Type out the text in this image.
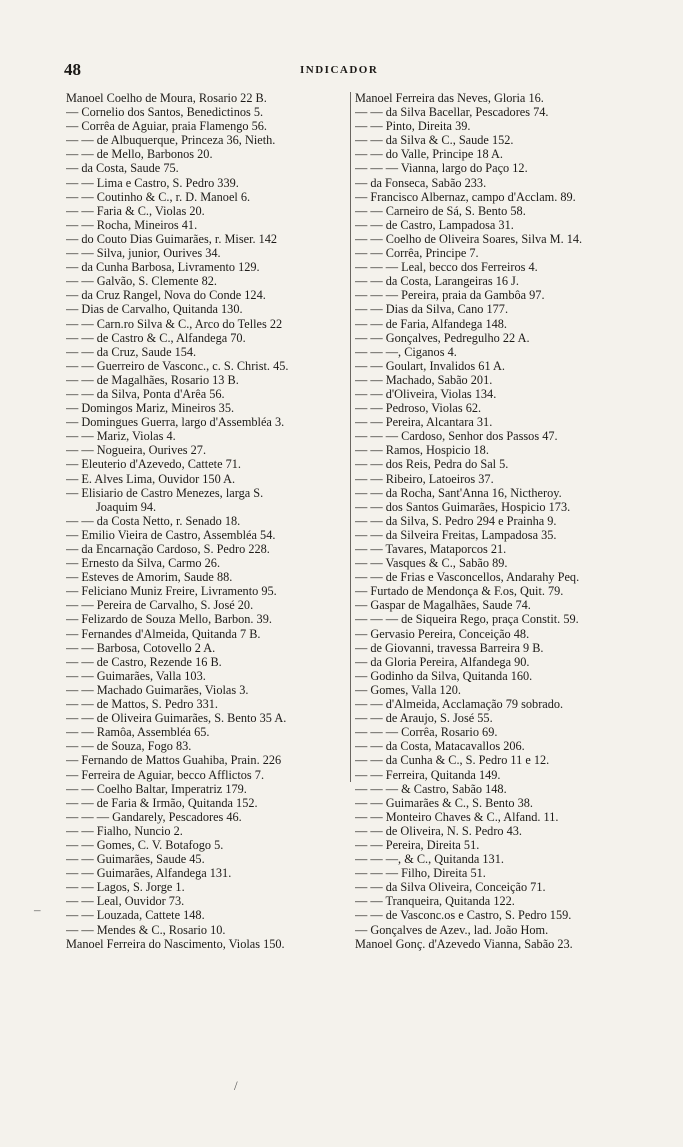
48	INDICADOR
Manoel Coelho de Moura, Rosario 22 B.
— Cornelio dos Santos, Benedictinos 5.
— Corrêa de Aguiar, praia Flamengo 56.
— — de Albuquerque, Princeza 36, Nieth.
— — de Mello, Barbonos 20.
— da Costa, Saude 75.
— — Lima e Castro, S. Pedro 339.
— — Coutinho & C., r. D. Manoel 6.
— — Faria & C., Violas 20.
— — Rocha, Mineiros 41.
— do Couto Dias Guimarães, r. Miser. 142
— — Silva, junior, Ourives 34.
— da Cunha Barbosa, Livramento 129.
— — Galvão, S. Clemente 82.
— da Cruz Rangel, Nova do Conde 124.
— Dias de Carvalho, Quitanda 130.
— — Carn.ro Silva & C., Arco do Telles 22
— — de Castro & C., Alfandega 70.
— — da Cruz, Saude 154.
— — Guerreiro de Vasconc., c. S. Christ. 45.
— — de Magalhães, Rosario 13 B.
— — da Silva, Ponta d'Arêa 56.
— Domingos Mariz, Mineiros 35.
— Domingues Guerra, largo d'Assembléa 3.
— — Mariz, Violas 4.
— — Nogueira, Ourives 27.
— Eleuterio d'Azevedo, Cattete 71.
— E. Alves Lima, Ouvidor 150 A.
— Elisiario de Castro Menezes, larga S.
Joaquim 94.
— — da Costa Netto, r. Senado 18.
— Emilio Vieira de Castro, Assembléa 54.
— da Encarnação Cardoso, S. Pedro 228.
— Ernesto da Silva, Carmo 26.
— Esteves de Amorim, Saude 88.
— Feliciano Muniz Freire, Livramento 95.
— — Pereira de Carvalho, S. José 20.
— Felizardo de Souza Mello, Barbon. 39.
— Fernandes d'Almeida, Quitanda 7 B.
— — Barbosa, Cotovello 2 A.
— — de Castro, Rezende 16 B.
— — Guimarães, Valla 103.
— — Machado Guimarães, Violas 3.
— — de Mattos, S. Pedro 331.
— — de Oliveira Guimarães, S. Bento 35 A.
— — Ramôa, Assembléa 65.
— — de Souza, Fogo 83.
— Fernando de Mattos Guahiba, Prain. 226
— Ferreira de Aguiar, becco Afflictos 7.
— — Coelho Baltar, Imperatriz 179.
— — de Faria & Irmão, Quitanda 152.
— — — Gandarely, Pescadores 46.
— — Fialho, Nuncio 2.
— — Gomes, C. V. Botafogo 5.
— — Guimarães, Saude 45.
— — Guimarães, Alfandega 131.
— — Lagos, S. Jorge 1.
— — Leal, Ouvidor 73.
— — Louzada, Cattete 148.
— — Mendes & C., Rosario 10.
Manoel Ferreira do Nascimento, Violas 150.
Manoel Ferreira das Neves, Gloria 16.
— — da Silva Bacellar, Pescadores 74.
— — Pinto, Direita 39.
— — da Silva & C., Saude 152.
— — do Valle, Principe 18 A.
— — — Vianna, largo do Paço 12.
— da Fonseca, Sabão 233.
— Francisco Albernaz, campo d'Acclam. 89.
— — Carneiro de Sá, S. Bento 58.
— — de Castro, Lampadosa 31.
— — Coelho de Oliveira Soares, Silva M. 14.
— — Corrêa, Principe 7.
— — — Leal, becco dos Ferreiros 4.
— — da Costa, Larangeiras 16 J.
— — — Pereira, praia da Gambôa 97.
— — Dias da Silva, Cano 177.
— — de Faria, Alfandega 148.
— — Gonçalves, Pedregulho 22 A.
— — —, Ciganos 4.
— — Goulart, Invalidos 61 A.
— — Machado, Sabão 201.
— — d'Oliveira, Violas 134.
— — Pedroso, Violas 62.
— — Pereira, Alcantara 31.
— — — Cardoso, Senhor dos Passos 47.
— — Ramos, Hospicio 18.
— — dos Reis, Pedra do Sal 5.
— — Ribeiro, Latoeiros 37.
— — da Rocha, Sant'Anna 16, Nictheroy.
— — dos Santos Guimarães, Hospicio 173.
— — da Silva, S. Pedro 294 e Prainha 9.
— — da Silveira Freitas, Lampadosa 35.
— — Tavares, Mataporcos 21.
— — Vasques & C., Sabão 89.
— — de Frias e Vasconcellos, Andarahy Peq.
— Furtado de Mendonça & F.os, Quit. 79.
— Gaspar de Magalhães, Saude 74.
— — — de Siqueira Rego, praça Constit. 59.
— Gervasio Pereira, Conceição 48.
— de Giovanni, travessa Barreira 9 B.
— da Gloria Pereira, Alfandega 90.
— Godinho da Silva, Quitanda 160.
— Gomes, Valla 120.
— — d'Almeida, Acclamação 79 sobrado.
— — de Araujo, S. José 55.
— — — Corrêa, Rosario 69.
— — da Costa, Matacavallos 206.
— — da Cunha & C., S. Pedro 11 e 12.
— — Ferreira, Quitanda 149.
— — — & Castro, Sabão 148.
— — Guimarães & C., S. Bento 38.
— — Monteiro Chaves & C., Alfand. 11.
— — de Oliveira, N. S. Pedro 43.
— — Pereira, Direita 51.
— — —, & C., Quitanda 131.
— — — Filho, Direita 51.
— — da Silva Oliveira, Conceição 71.
— — Tranqueira, Quitanda 122.
— — de Vasconc.os e Castro, S. Pedro 159.
— Gonçalves de Azev., lad. João Hom.
Manoel Gonç. d'Azevedo Vianna, Sabão 23.
–
/
